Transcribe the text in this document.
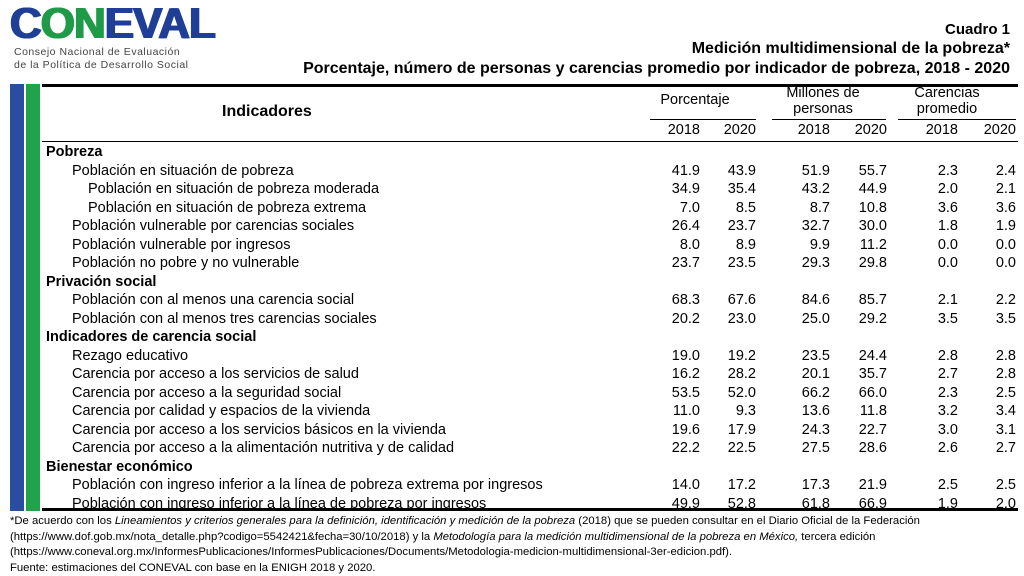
CONEVAL
Consejo Nacional de Evaluación
de la Política de Desarrollo Social
Cuadro 1
Medición multidimensional de la pobreza*
Porcentaje, número de personas y carencias promedio por indicador de pobreza, 2018 - 2020
Indicadores
Porcentaje	Millones de
personas
Carencias
promedio
2018	2020	2018	2020	2018	2020
Pobreza
Población en situación de pobreza	41.9	43.9	51.9	55.7	2.3	2.4
Población en situación de pobreza moderada	34.9	35.4	43.2	44.9	2.0	2.1
Población en situación de pobreza extrema	7.0	8.5	8.7	10.8	3.6	3.6
Población vulnerable por carencias sociales	26.4	23.7	32.7	30.0	1.8	1.9
Población vulnerable por ingresos	8.0	8.9	9.9	11.2	0.0	0.0
Población no pobre y no vulnerable	23.7	23.5	29.3	29.8	0.0	0.0
Privación social
Población con al menos una carencia social	68.3	67.6	84.6	85.7	2.1	2.2
Población con al menos tres carencias sociales	20.2	23.0	25.0	29.2	3.5	3.5
Indicadores de carencia social
Rezago educativo	19.0	19.2	23.5	24.4	2.8	2.8
Carencia por acceso a los servicios de salud	16.2	28.2	20.1	35.7	2.7	2.8
Carencia por acceso a la seguridad social	53.5	52.0	66.2	66.0	2.3	2.5
Carencia por calidad y espacios de la vivienda	11.0	9.3	13.6	11.8	3.2	3.4
Carencia por acceso a los servicios básicos en la vivienda	19.6	17.9	24.3	22.7	3.0	3.1
Carencia por acceso a la alimentación nutritiva y de calidad	22.2	22.5	27.5	28.6	2.6	2.7
Bienestar económico
Población con ingreso inferior a la línea de pobreza extrema por ingresos	14.0	17.2	17.3	21.9	2.5	2.5
Población con ingreso inferior a la línea de pobreza por ingresos	49.9	52.8	61.8	66.9	1.9	2.0
*De acuerdo con los Lineamientos y criterios generales para la definición, identificación y medición de la pobreza (2018) que se pueden consultar en el Diario Oficial de la Federación
(https://www.dof.gob.mx/nota_detalle.php?codigo=5542421&fecha=30/10/2018) y la Metodología para la medición multidimensional de la pobreza en México, tercera edición
(https://www.coneval.org.mx/InformesPublicaciones/InformesPublicaciones/Documents/Metodologia-medicion-multidimensional-3er-edicion.pdf).
Fuente: estimaciones del CONEVAL con base en la ENIGH 2018 y 2020.
